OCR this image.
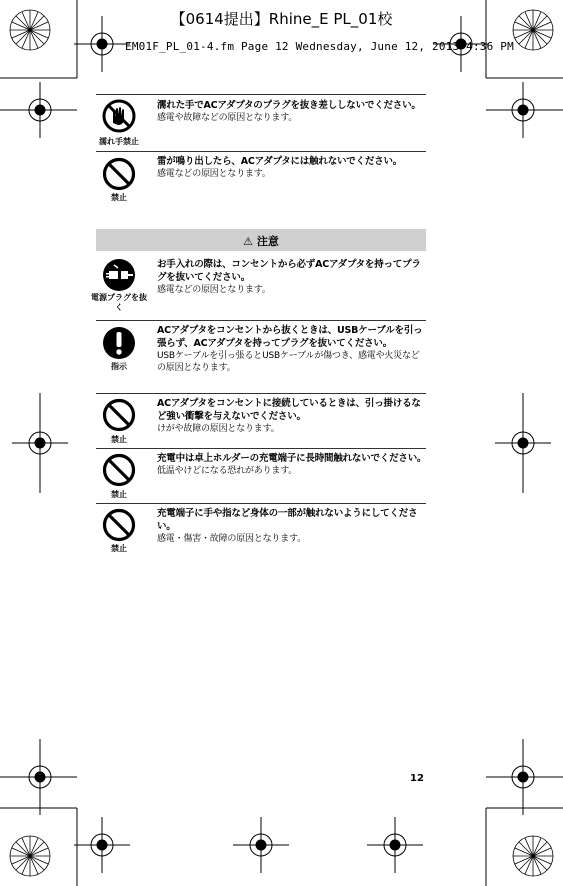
【0614提出】Rhine_E PL_01校
EM01F_PL_01-4.fm Page 12 Wednesday, June 12, 2013 4:36 PM
濡れ手禁止
濡れた手でACアダプタのプラグを抜き差ししないでください。
感電や故障などの原因となります。
禁止
雷が鳴り出したら、ACアダプタには触れないでください。
感電などの原因となります。
⚠ 注意
電源プラグを抜く
お手入れの際は、コンセントから必ずACアダプタを持ってプラグを抜いてください。
感電などの原因となります。
指示
ACアダプタをコンセントから抜くときは、USBケーブルを引っ張らず、ACアダプタを持ってプラグを抜いてください。
USBケーブルを引っ張るとUSBケーブルが傷つき、感電や火災などの原因となります。
禁止
ACアダプタをコンセントに接続しているときは、引っ掛けるなど強い衝撃を与えないでください。
けがや故障の原因となります。
禁止
充電中は卓上ホルダーの充電端子に長時間触れないでください。
低温やけどになる恐れがあります。
禁止
充電端子に手や指など身体の一部が触れないようにしてください。
感電・傷害・故障の原因となります。
12
